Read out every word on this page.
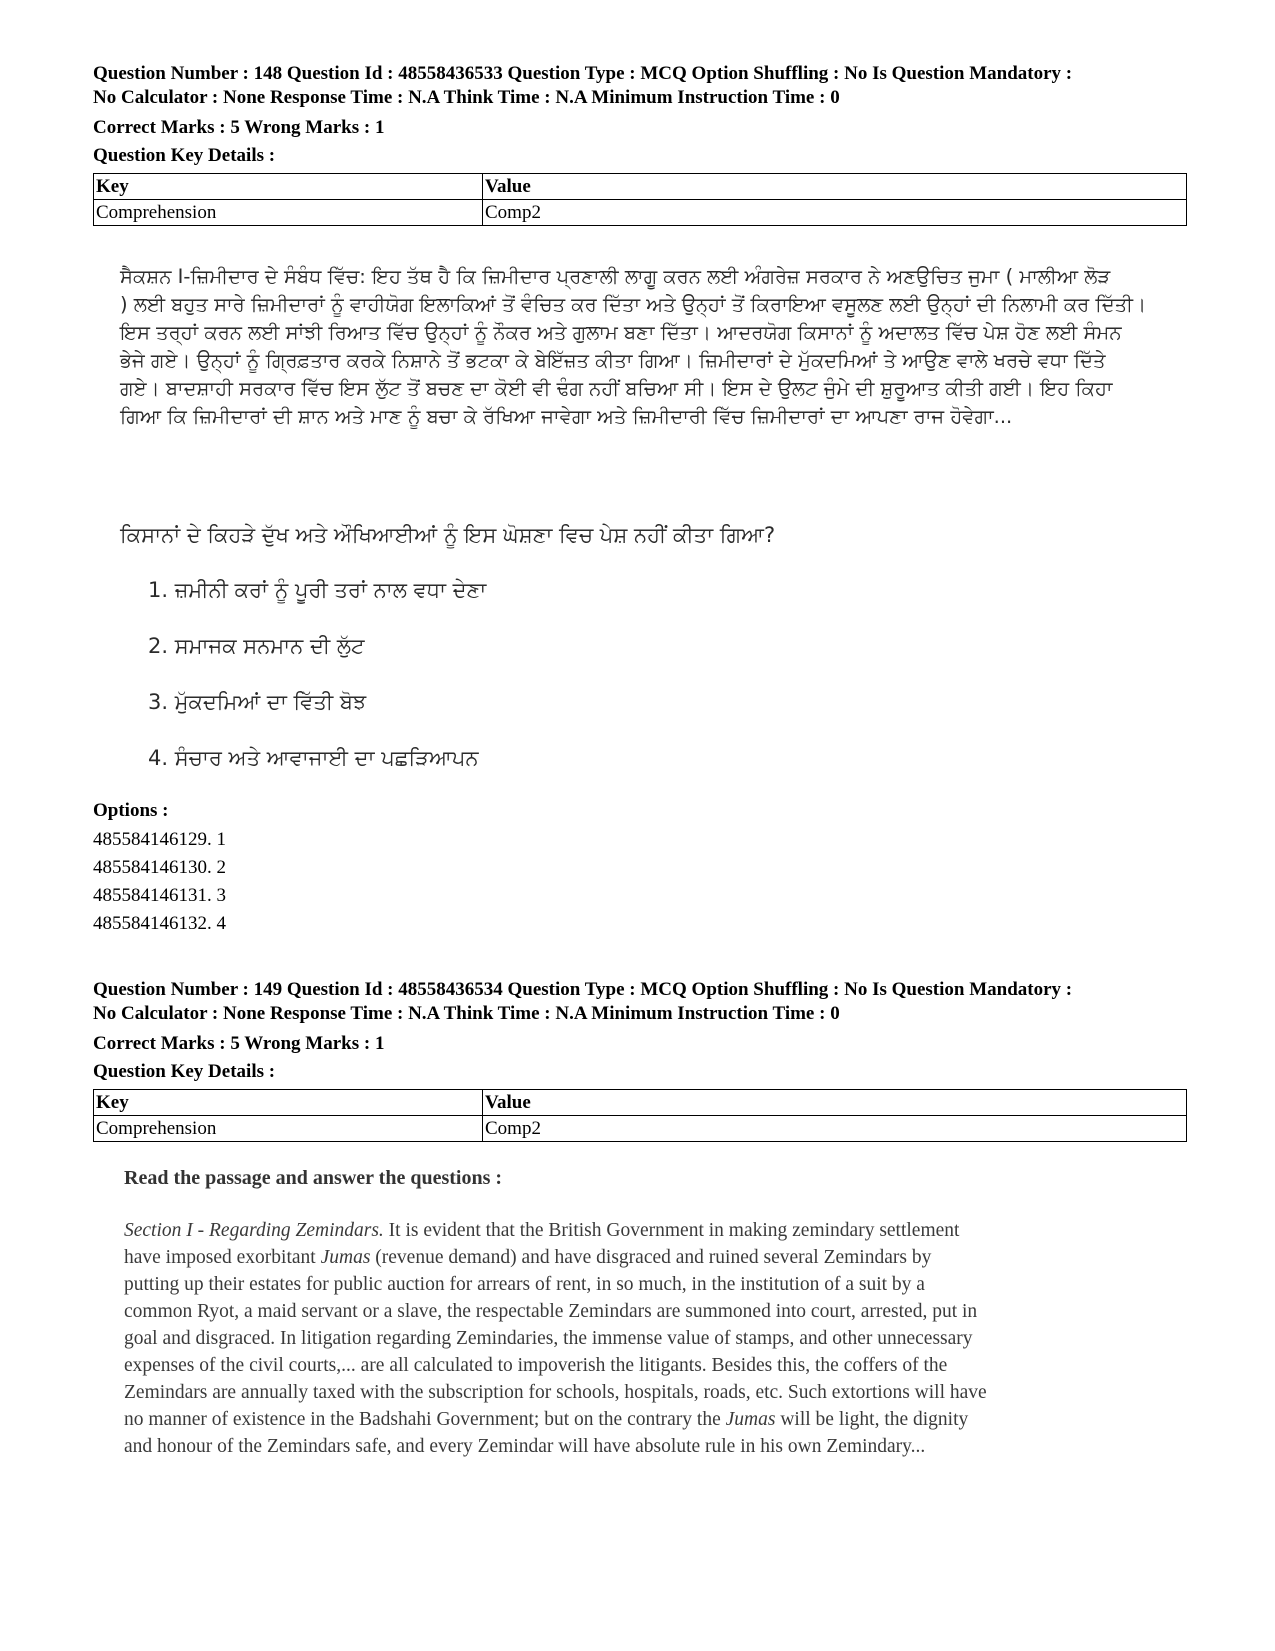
Question Number : 148 Question Id : 48558436533 Question Type : MCQ Option Shuffling : No Is Question Mandatory :

No Calculator : None Response Time : N.A Think Time : N.A Minimum Instruction Time : 0

Correct Marks : 5 Wrong Marks : 1
Question Key Details :
Key	Value
Comprehension	Comp2
ਸੈਕਸ਼ਨ I-ਜ਼ਿਮੀਦਾਰ ਦੇ ਸੰਬੰਧ ਵਿੱਚ: ਇਹ ਤੱਥ ਹੈ ਕਿ ਜ਼ਿਮੀਦਾਰ ਪ੍ਰਣਾਲੀ ਲਾਗੂ ਕਰਨ ਲਈ ਅੰਗਰੇਜ਼ ਸਰਕਾਰ ਨੇ ਅਣਉਚਿਤ ਜੁਮਾ ( ਮਾਲੀਆ ਲੋੜ
) ਲਈ ਬਹੁਤ ਸਾਰੇ ਜ਼ਿਮੀਦਾਰਾਂ ਨੂੰ ਵਾਹੀਯੋਗ ਇਲਾਕਿਆਂ ਤੋਂ ਵੰਚਿਤ ਕਰ ਦਿੱਤਾ ਅਤੇ ਉਨ੍ਹਾਂ ਤੋਂ ਕਿਰਾਇਆ ਵਸੂਲਣ ਲਈ ਉਨ੍ਹਾਂ ਦੀ ਨਿਲਾਮੀ ਕਰ ਦਿੱਤੀ।
ਇਸ ਤਰ੍ਹਾਂ ਕਰਨ ਲਈ ਸਾਂਝੀ ਰਿਆਤ ਵਿੱਚ ਉਨ੍ਹਾਂ ਨੂੰ ਨੌਕਰ ਅਤੇ ਗੁਲਾਮ ਬਣਾ ਦਿੱਤਾ। ਆਦਰਯੋਗ ਕਿਸਾਨਾਂ ਨੂੰ ਅਦਾਲਤ ਵਿੱਚ ਪੇਸ਼ ਹੋਣ ਲਈ ਸੰਮਨ
ਭੇਜੇ ਗਏ। ਉਨ੍ਹਾਂ ਨੂੰ ਗ੍ਰਿਫ਼ਤਾਰ ਕਰਕੇ ਨਿਸ਼ਾਨੇ ਤੋਂ ਭਟਕਾ ਕੇ ਬੇਇੱਜ਼ਤ ਕੀਤਾ ਗਿਆ। ਜ਼ਿਮੀਦਾਰਾਂ ਦੇ ਮੁੱਕਦਮਿਆਂ ਤੇ ਆਉਣ ਵਾਲੇ ਖਰਚੇ ਵਧਾ ਦਿੱਤੇ
ਗਏ। ਬਾਦਸ਼ਾਹੀ ਸਰਕਾਰ ਵਿੱਚ ਇਸ ਲੁੱਟ ਤੋਂ ਬਚਣ ਦਾ ਕੋਈ ਵੀ ਢੰਗ ਨਹੀਂ ਬਚਿਆ ਸੀ। ਇਸ ਦੇ ਉਲਟ ਜੁੰਮੇ ਦੀ ਸ਼ੁਰੂਆਤ ਕੀਤੀ ਗਈ। ਇਹ ਕਿਹਾ
ਗਿਆ ਕਿ ਜ਼ਿਮੀਦਾਰਾਂ ਦੀ ਸ਼ਾਨ ਅਤੇ ਮਾਣ ਨੂੰ ਬਚਾ ਕੇ ਰੱਖਿਆ ਜਾਵੇਗਾ ਅਤੇ ਜ਼ਿਮੀਦਾਰੀ ਵਿੱਚ ਜ਼ਿਮੀਦਾਰਾਂ ਦਾ ਆਪਣਾ ਰਾਜ ਹੋਵੇਗਾ...
ਕਿਸਾਨਾਂ ਦੇ ਕਿਹੜੇ ਦੁੱਖ ਅਤੇ ਔਖਿਆਈਆਂ ਨੂੰ ਇਸ ਘੋਸ਼ਣਾ ਵਿਚ ਪੇਸ਼ ਨਹੀਂ ਕੀਤਾ ਗਿਆ?
1. ਜ਼ਮੀਨੀ ਕਰਾਂ ਨੂੰ ਪੂਰੀ ਤਰਾਂ ਨਾਲ ਵਧਾ ਦੇਣਾ
2. ਸਮਾਜਕ ਸਨਮਾਨ ਦੀ ਲੁੱਟ
3. ਮੁੱਕਦਮਿਆਂ ਦਾ ਵਿੱਤੀ ਬੋਝ
4. ਸੰਚਾਰ ਅਤੇ ਆਵਾਜਾਈ ਦਾ ਪਛੜਿਆਪਨ
Options :
485584146129. 1
485584146130. 2
485584146131. 3
485584146132. 4

Question Number : 149 Question Id : 48558436534 Question Type : MCQ Option Shuffling : No Is Question Mandatory :

No Calculator : None Response Time : N.A Think Time : N.A Minimum Instruction Time : 0

Correct Marks : 5 Wrong Marks : 1
Question Key Details :
Key	Value
Comprehension	Comp2
Read the passage and answer the questions :

Section I - Regarding Zemindars. It is evident that the British Government in making zemindary settlement

have imposed exorbitant Jumas (revenue demand) and have disgraced and ruined several Zemindars by

putting up their estates for public auction for arrears of rent, in so much, in the institution of a suit by a

common Ryot, a maid servant or a slave, the respectable Zemindars are summoned into court, arrested, put in

goal and disgraced. In litigation regarding Zemindaries, the immense value of stamps, and other unnecessary

expenses of the civil courts,... are all calculated to impoverish the litigants. Besides this, the coffers of the

Zemindars are annually taxed with the subscription for schools, hospitals, roads, etc. Such extortions will have

no manner of existence in the Badshahi Government; but on the contrary the Jumas will be light, the dignity

and honour of the Zemindars safe, and every Zemindar will have absolute rule in his own Zemindary...
